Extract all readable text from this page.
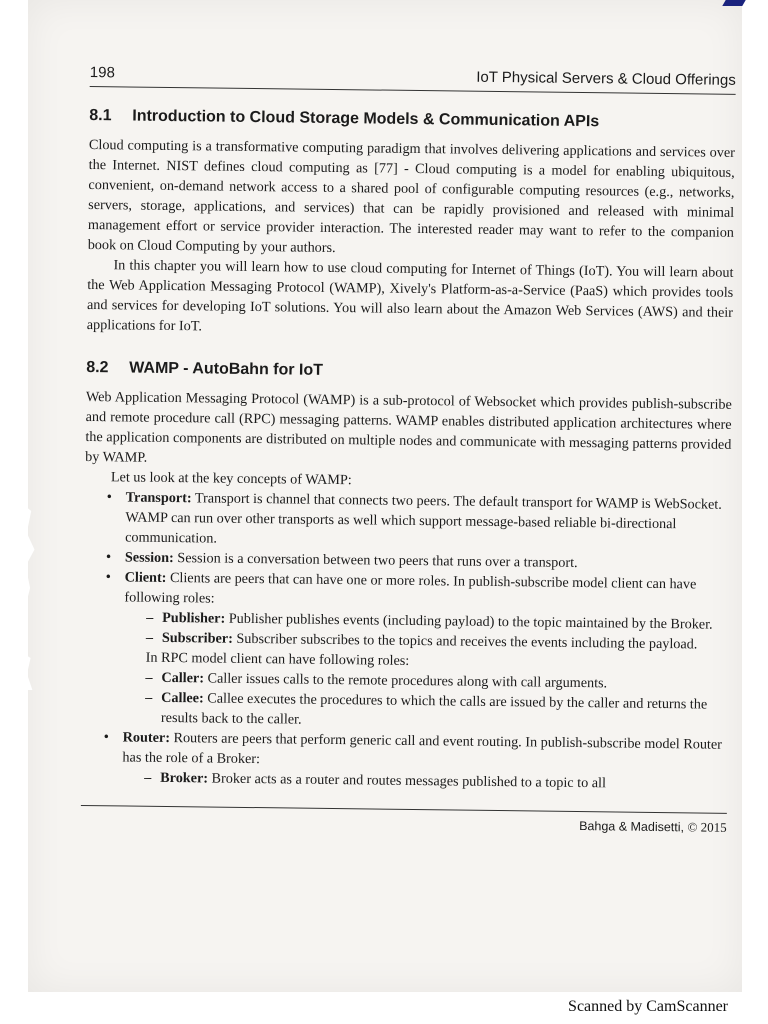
198	IoT Physical Servers & Cloud Offerings
8.1 Introduction to Cloud Storage Models & Communication APIs

Cloud computing is a transformative computing paradigm that involves delivering applications and services over the Internet. NIST defines cloud computing as [77] - Cloud computing is a model for enabling ubiquitous, convenient, on-demand network access to a shared pool of configurable computing resources (e.g., networks, servers, storage, applications, and services) that can be rapidly provisioned and released with minimal management effort or service provider interaction. The interested reader may want to refer to the companion book on Cloud Computing by your authors.

In this chapter you will learn how to use cloud computing for Internet of Things (IoT). You will learn about the Web Application Messaging Protocol (WAMP), Xively's Platform-as-a-Service (PaaS) which provides tools and services for developing IoT solutions. You will also learn about the Amazon Web Services (AWS) and their applications for IoT.

8.2 WAMP - AutoBahn for IoT

Web Application Messaging Protocol (WAMP) is a sub-protocol of Websocket which provides publish-subscribe and remote procedure call (RPC) messaging patterns. WAMP enables distributed application architectures where the application components are distributed on multiple nodes and communicate with messaging patterns provided by WAMP.

Let us look at the key concepts of WAMP:
• Transport: Transport is channel that connects two peers. The default transport for WAMP is WebSocket. WAMP can run over other transports as well which support message-based reliable bi-directional communication.
• Session: Session is a conversation between two peers that runs over a transport.
• Client: Clients are peers that can have one or more roles. In publish-subscribe model client can have following roles:
– Publisher: Publisher publishes events (including payload) to the topic maintained by the Broker.
– Subscriber: Subscriber subscribes to the topics and receives the events including the payload.
In RPC model client can have following roles:
– Caller: Caller issues calls to the remote procedures along with call arguments.
– Callee: Callee executes the procedures to which the calls are issued by the caller and returns the results back to the caller.
• Router: Routers are peers that perform generic call and event routing. In publish-subscribe model Router has the role of a Broker:
– Broker: Broker acts as a router and routes messages published to a topic to all
Bahga & Madisetti, © 2015
Scanned by CamScanner
